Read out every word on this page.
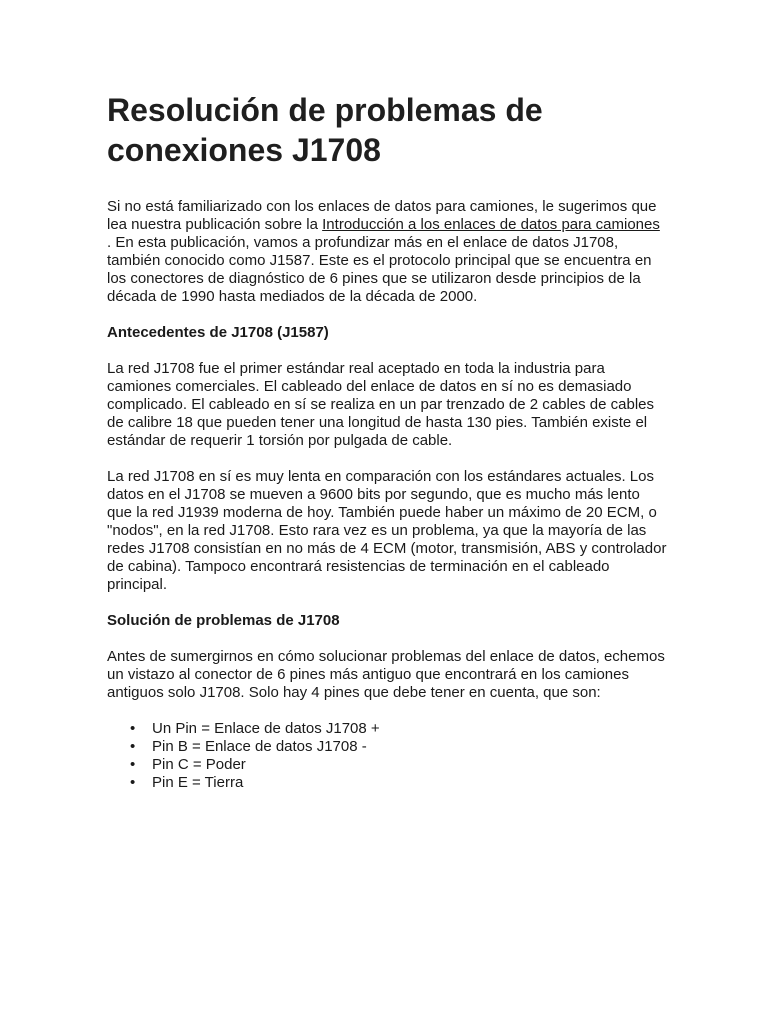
Resolución de problemas de conexiones J1708

Si no está familiarizado con los enlaces de datos para camiones, le sugerimos que lea nuestra publicación sobre la Introducción a los enlaces de datos para camiones . En esta publicación, vamos a profundizar más en el enlace de datos J1708, también conocido como J1587. Este es el protocolo principal que se encuentra en los conectores de diagnóstico de 6 pines que se utilizaron desde principios de la década de 1990 hasta mediados de la década de 2000.

Antecedentes de J1708 (J1587)

La red J1708 fue el primer estándar real aceptado en toda la industria para camiones comerciales. El cableado del enlace de datos en sí no es demasiado complicado. El cableado en sí se realiza en un par trenzado de 2 cables de cables de calibre 18 que pueden tener una longitud de hasta 130 pies. También existe el estándar de requerir 1 torsión por pulgada de cable.

La red J1708 en sí es muy lenta en comparación con los estándares actuales. Los datos en el J1708 se mueven a 9600 bits por segundo, que es mucho más lento que la red J1939 moderna de hoy. También puede haber un máximo de 20 ECM, o "nodos", en la red J1708. Esto rara vez es un problema, ya que la mayoría de las redes J1708 consistían en no más de 4 ECM (motor, transmisión, ABS y controlador de cabina). Tampoco encontrará resistencias de terminación en el cableado principal.

Solución de problemas de J1708

Antes de sumergirnos en cómo solucionar problemas del enlace de datos, echemos un vistazo al conector de 6 pines más antiguo que encontrará en los camiones antiguos solo J1708. Solo hay 4 pines que debe tener en cuenta, que son:

• Un Pin = Enlace de datos J1708 +
• Pin B = Enlace de datos J1708 -
• Pin C = Poder
• Pin E = Tierra
